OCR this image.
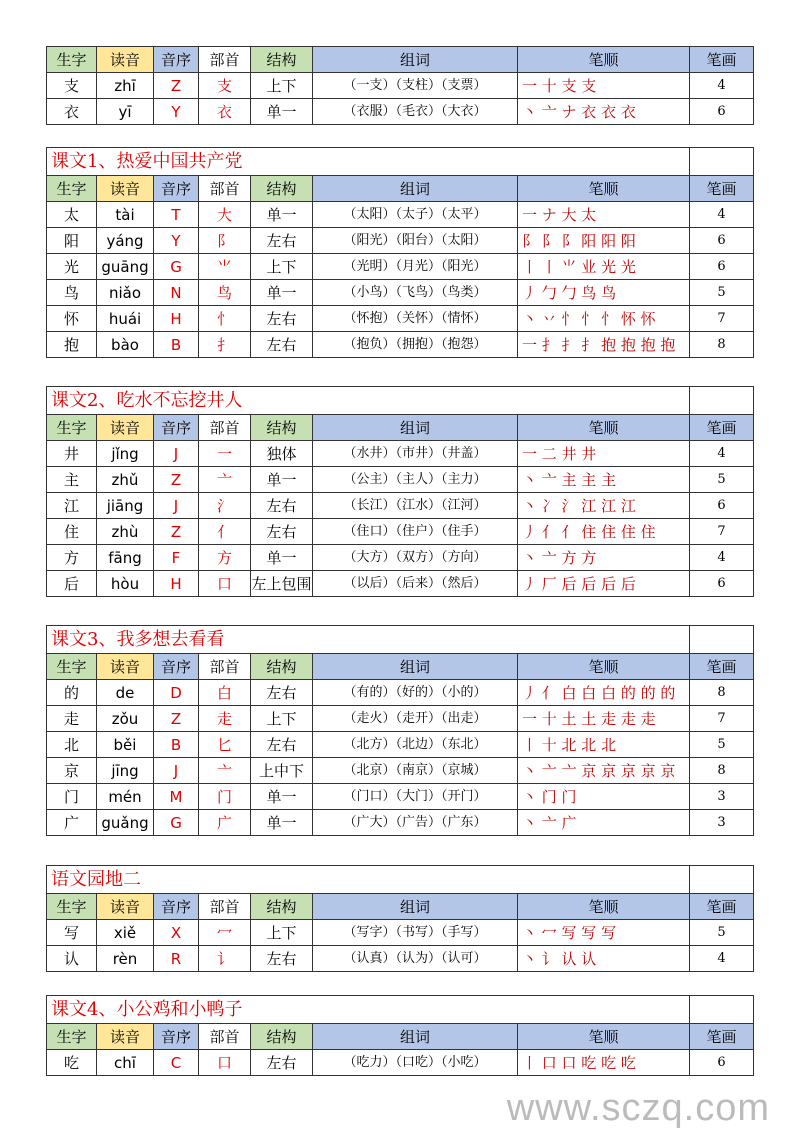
生字	读音	音序	部首	结构	组词	笔顺	笔画
支	zhī	Z	支	上下	（一支）（支柱）（支票）	一 十 支 支	4
衣	yī	Y	衣	单一	（衣服）（毛衣）（大衣）	丶 亠 ナ 衣 衣 衣	6
课文1、热爱中国共产党							
生字	读音	音序	部首	结构	组词	笔顺	笔画
太	tài	T	大	单一	（太阳）（太子）（太平）	一 ナ 大 太	4
阳	yáng	Y	阝	左右	（阳光）（阳台）（太阳）	阝 阝 阝 阳 阳 阳	6
光	guāng	G	⺌	上下	（光明）（月光）（阳光）	丨 丨 ⺌ 业 光 光	6
鸟	niǎo	N	鸟	单一	（小鸟）（飞鸟）（鸟类）	丿 勹 勹 鸟 鸟	5
怀	huái	H	忄	左右	（怀抱）（关怀）（情怀）	丶 丷 忄 忄 忄 怀 怀	7
抱	bào	B	扌	左右	（抱负）（拥抱）（抱怨）	一 扌 扌 扌 抱 抱 抱 抱	8
课文2、吃水不忘挖井人							
生字	读音	音序	部首	结构	组词	笔顺	笔画
井	jǐng	J	一	独体	（水井）（市井）（井盖）	一 二 井 井	4
主	zhǔ	Z	亠	单一	（公主）（主人）（主力）	丶 亠 主 主 主	5
江	jiāng	J	氵	左右	（长江）（江水）（江河）	丶 冫 氵 江 江 江	6
住	zhù	Z	亻	左右	（住口）（住户）（住手）	丿 亻 亻 住 住 住 住	7
方	fāng	F	方	单一	（大方）（双方）（方向）	丶 亠 方 方	4
后	hòu	H	口	左上包围	（以后）（后来）（然后）	丿 厂 后 后 后 后	6
课文3、我多想去看看							
生字	读音	音序	部首	结构	组词	笔顺	笔画
的	de	D	白	左右	（有的）（好的）（小的）	丿 亻 白 白 白 的 的 的	8
走	zǒu	Z	走	上下	（走火）（走开）（出走）	一 十 土 土 走 走 走	7
北	běi	B	匕	左右	（北方）（北边）（东北）	丨 十 北 北 北	5
京	jīng	J	亠	上中下	（北京）（南京）（京城）	丶 亠 亠 京 京 京 京 京	8
门	mén	M	门	单一	（门口）（大门）（开门）	丶 门 门	3
广	guǎng	G	广	单一	（广大）（广告）（广东）	丶 亠 广	3
语文园地二							
生字	读音	音序	部首	结构	组词	笔顺	笔画
写	xiě	X	冖	上下	（写字）（书写）（手写）	丶 冖 写 写 写	5
认	rèn	R	讠	左右	（认真）（认为）（认可）	丶 讠 认 认	4
课文4、小公鸡和小鸭子							
生字	读音	音序	部首	结构	组词	笔顺	笔画
吃	chī	C	口	左右	（吃力）（口吃）（小吃）	丨 口 口 吃 吃 吃	6
www.sczq.com
